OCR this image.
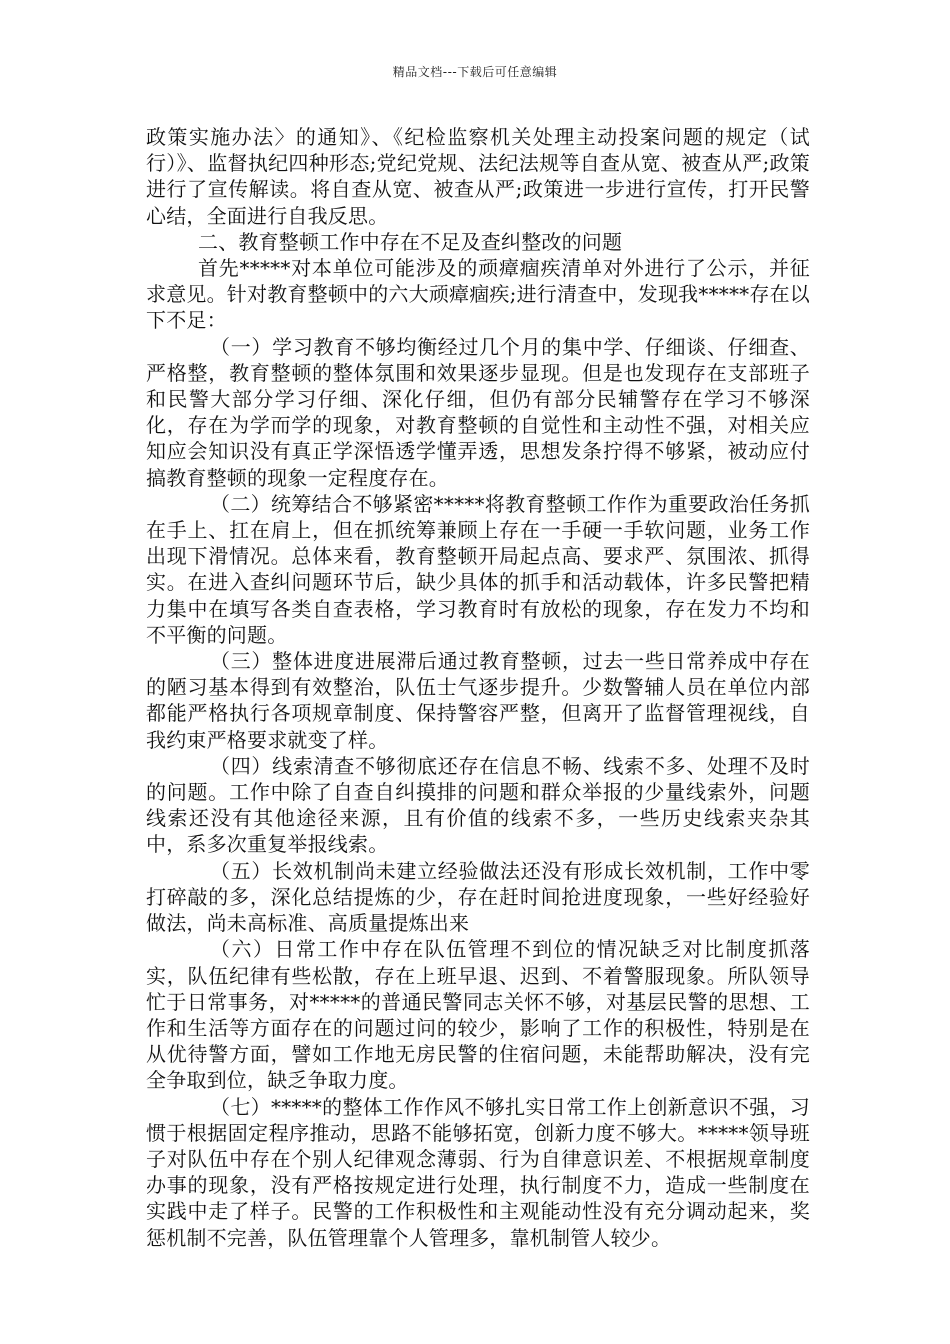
精品文档---下载后可任意编辑

政策实施办法〉的通知》、《纪检监察机关处理主动投案问题的规定（试行）》、监督执纪四种形态;党纪党规、法纪法规等自查从宽、被查从严;政策进行了宣传解读。将自查从宽、被查从严;政策进一步进行宣传，打开民警心结，全面进行自我反思。

二、教育整顿工作中存在不足及查纠整改的问题

首先*****对本单位可能涉及的顽瘴痼疾清单对外进行了公示，并征求意见。针对教育整顿中的六大顽瘴痼疾;进行清查中，发现我*****存在以下不足：

（一）学习教育不够均衡经过几个月的集中学、仔细谈、仔细查、严格整，教育整顿的整体氛围和效果逐步显现。但是也发现存在支部班子和民警大部分学习仔细、深化仔细，但仍有部分民辅警存在学习不够深化，存在为学而学的现象，对教育整顿的自觉性和主动性不强，对相关应知应会知识没有真正学深悟透学懂弄透，思想发条拧得不够紧，被动应付搞教育整顿的现象一定程度存在。

（二）统筹结合不够紧密*****将教育整顿工作作为重要政治任务抓在手上、扛在肩上，但在抓统筹兼顾上存在一手硬一手软问题，业务工作出现下滑情况。总体来看，教育整顿开局起点高、要求严、氛围浓、抓得实。在进入查纠问题环节后，缺少具体的抓手和活动载体，许多民警把精力集中在填写各类自查表格，学习教育时有放松的现象，存在发力不均和不平衡的问题。

（三）整体进度进展滞后通过教育整顿，过去一些日常养成中存在的陋习基本得到有效整治，队伍士气逐步提升。少数警辅人员在单位内部都能严格执行各项规章制度、保持警容严整，但离开了监督管理视线，自我约束严格要求就变了样。

（四）线索清查不够彻底还存在信息不畅、线索不多、处理不及时的问题。工作中除了自查自纠摸排的问题和群众举报的少量线索外，问题线索还没有其他途径来源，且有价值的线索不多，一些历史线索夹杂其中，系多次重复举报线索。

（五）长效机制尚未建立经验做法还没有形成长效机制，工作中零打碎敲的多，深化总结提炼的少，存在赶时间抢进度现象，一些好经验好做法，尚未高标准、高质量提炼出来

（六）日常工作中存在队伍管理不到位的情况缺乏对比制度抓落实，队伍纪律有些松散，存在上班早退、迟到、不着警服现象。所队领导忙于日常事务，对*****的普通民警同志关怀不够，对基层民警的思想、工作和生活等方面存在的问题过问的较少，影响了工作的积极性，特别是在从优待警方面，譬如工作地无房民警的住宿问题，未能帮助解决，没有完全争取到位，缺乏争取力度。

（七）*****的整体工作作风不够扎实日常工作上创新意识不强，习惯于根据固定程序推动，思路不能够拓宽，创新力度不够大。*****领导班子对队伍中存在个别人纪律观念薄弱、行为自律意识差、不根据规章制度办事的现象，没有严格按规定进行处理，执行制度不力，造成一些制度在实践中走了样子。民警的工作积极性和主观能动性没有充分调动起来，奖惩机制不完善，队伍管理靠个人管理多，靠机制管人较少。
